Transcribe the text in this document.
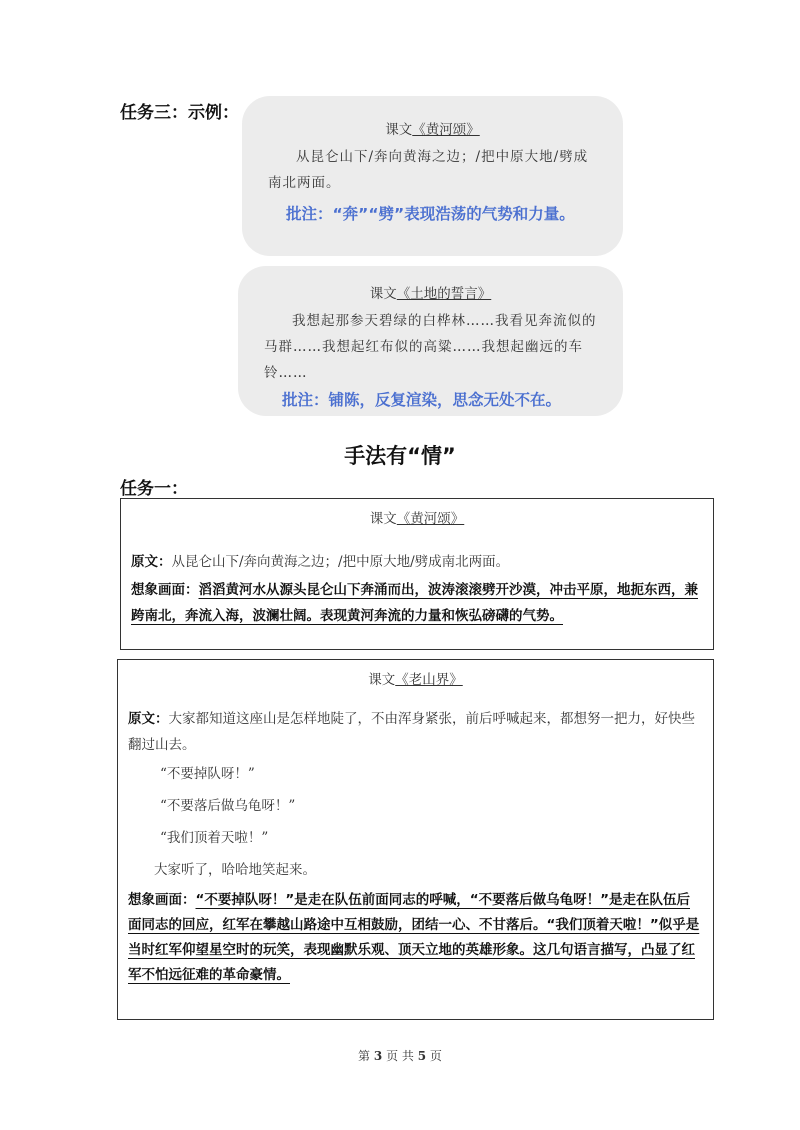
任务三：示例：
课文《黄河颂》
从昆仑山下/奔向黄海之边；/把中原大地/劈成南北两面。
批注：“奔”“劈”表现浩荡的气势和力量。
课文《土地的誓言》
我想起那参天碧绿的白桦林……我看见奔流似的马群……我想起红布似的高粱……我想起幽远的车铃……
批注：铺陈，反复渲染，思念无处不在。
手法有“情”
任务一：
课文《黄河颂》
原文：从昆仑山下/奔向黄海之边；/把中原大地/劈成南北两面。
想象画面：滔滔黄河水从源头昆仑山下奔涌而出，波涛滚滚劈开沙漠，冲击平原，地扼东西，兼跨南北，奔流入海，波澜壮阔。表现黄河奔流的力量和恢弘磅礴的气势。
课文《老山界》
原文：大家都知道这座山是怎样地陡了，不由浑身紧张，前后呼喊起来，都想努一把力，好快些翻过山去。
“不要掉队呀！”
“不要落后做乌龟呀！”
“我们顶着天啦！”
大家听了，哈哈地笑起来。
想象画面：“不要掉队呀！”是走在队伍前面同志的呼喊，“不要落后做乌龟呀！”是走在队伍后面同志的回应，红军在攀越山路途中互相鼓励，团结一心、不甘落后。“我们顶着天啦！”似乎是当时红军仰望星空时的玩笑，表现幽默乐观、顶天立地的英雄形象。这几句语言描写，凸显了红军不怕远征难的革命豪情。
第 3 页 共 5 页
